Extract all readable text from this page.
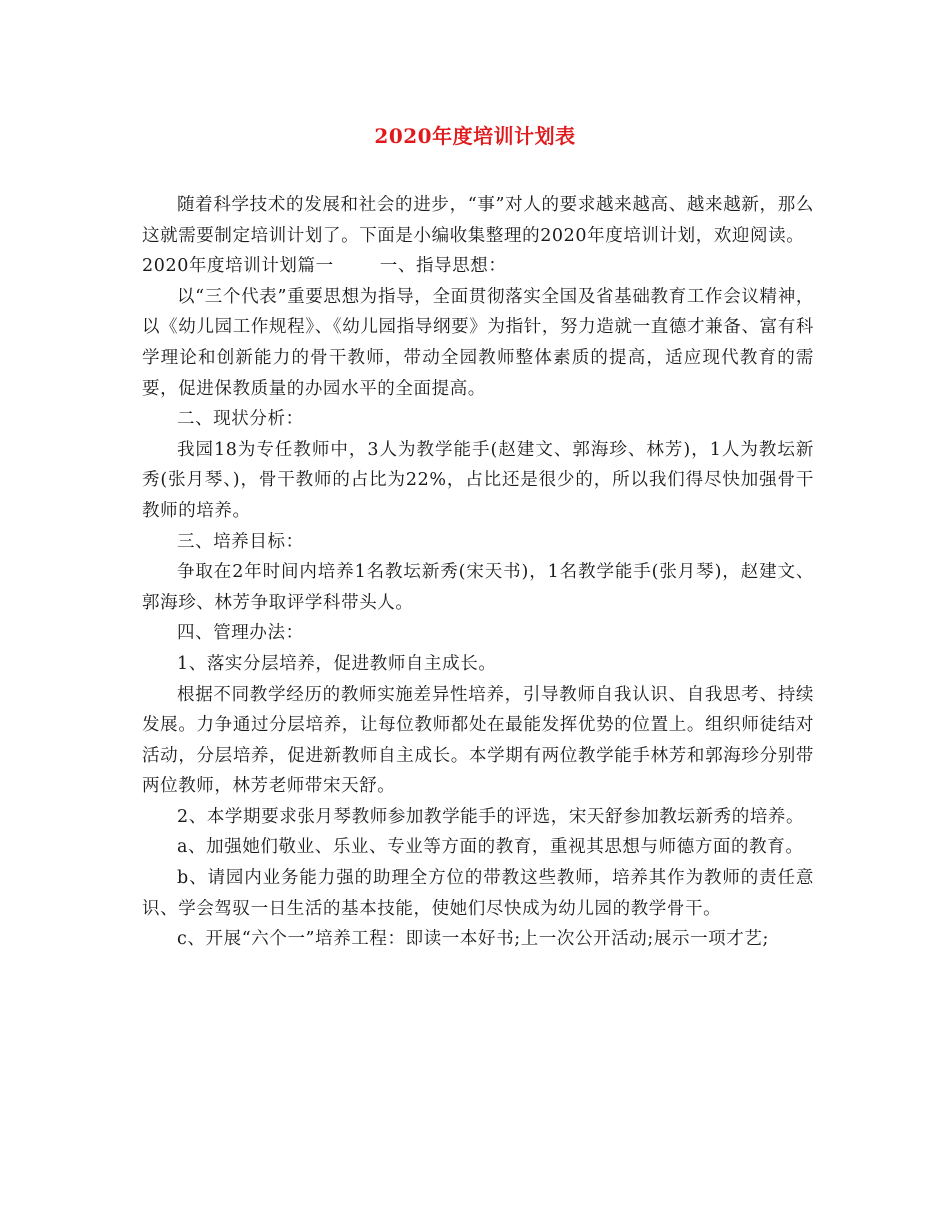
2020年度培训计划表

随着科学技术的发展和社会的进步，“事”对人的要求越来越高、越来越新，那么这就需要制定培训计划了。下面是小编收集整理的2020年度培训计划，欢迎阅读。

2020年度培训计划篇一	一、指导思想：

以“三个代表”重要思想为指导，全面贯彻落实全国及省基础教育工作会议精神，以《幼儿园工作规程》、《幼儿园指导纲要》为指针，努力造就一直德才兼备、富有科学理论和创新能力的骨干教师，带动全园教师整体素质的提高，适应现代教育的需要，促进保教质量的办园水平的全面提高。

二、现状分析：

我园18为专任教师中，3人为教学能手(赵建文、郭海珍、林芳)，1人为教坛新秀(张月琴、)，骨干教师的占比为22%，占比还是很少的，所以我们得尽快加强骨干教师的培养。

三、培养目标：

争取在2年时间内培养1名教坛新秀(宋天书)，1名教学能手(张月琴)，赵建文、郭海珍、林芳争取评学科带头人。

四、管理办法：

1、落实分层培养，促进教师自主成长。

根据不同教学经历的教师实施差异性培养，引导教师自我认识、自我思考、持续发展。力争通过分层培养，让每位教师都处在最能发挥优势的位置上。组织师徒结对活动，分层培养，促进新教师自主成长。本学期有两位教学能手林芳和郭海珍分别带两位教师，林芳老师带宋天舒。

2、本学期要求张月琴教师参加教学能手的评选，宋天舒参加教坛新秀的培养。

a、加强她们敬业、乐业、专业等方面的教育，重视其思想与师德方面的教育。

b、请园内业务能力强的助理全方位的带教这些教师，培养其作为教师的责任意识、学会驾驭一日生活的基本技能，使她们尽快成为幼儿园的教学骨干。

c、开展“六个一”培养工程：即读一本好书;上一次公开活动;展示一项才艺;
